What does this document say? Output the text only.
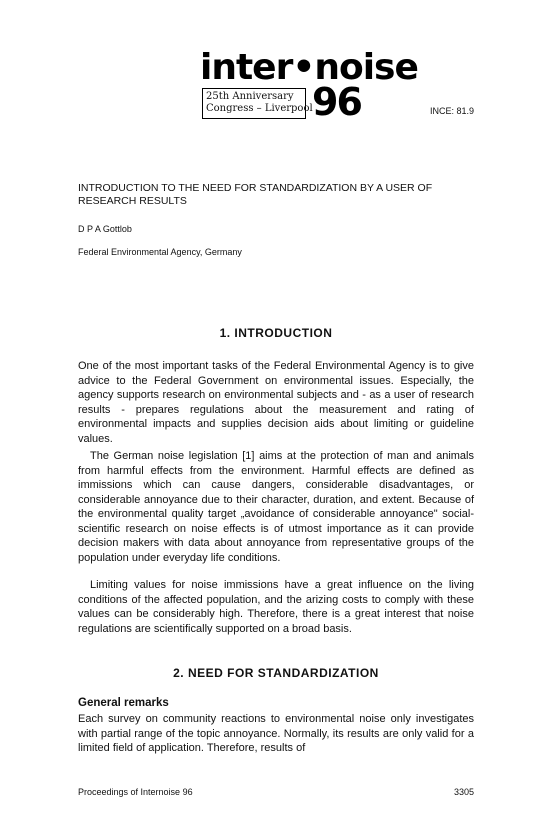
inter•noise
25th Anniversary
Congress – Liverpool 96	INCE: 81.9
INTRODUCTION TO THE NEED FOR STANDARDIZATION BY A USER OF RESEARCH RESULTS
D P A Gottlob
Federal Environmental Agency, Germany
1. INTRODUCTION

One of the most important tasks of the Federal Environmental Agency is to give advice to the Federal Government on environmental issues. Especially, the agency supports research on environmental subjects and - as a user of research results - prepares regulations about the measurement and rating of environmental impacts and supplies decision aids about limiting or guideline values.

The German noise legislation [1] aims at the protection of man and animals from harmful effects from the environment. Harmful effects are defined as immissions which can cause dangers, considerable disadvantages, or considerable annoyance due to their character, duration, and extent. Because of the environmental quality target „avoidance of considerable annoyance" social-scientific research on noise effects is of utmost importance as it can provide decision makers with data about annoyance from representative groups of the population under everyday life conditions.

Limiting values for noise immissions have a great influence on the living conditions of the affected population, and the arizing costs to comply with these values can be considerably high. Therefore, there is a great interest that noise regulations are scientifically supported on a broad basis.

2. NEED FOR STANDARDIZATION
General remarks

Each survey on community reactions to environmental noise only investigates with partial range of the topic annoyance. Normally, its results are only valid for a limited field of application. Therefore, results of

Proceedings of Internoise 96	3305
